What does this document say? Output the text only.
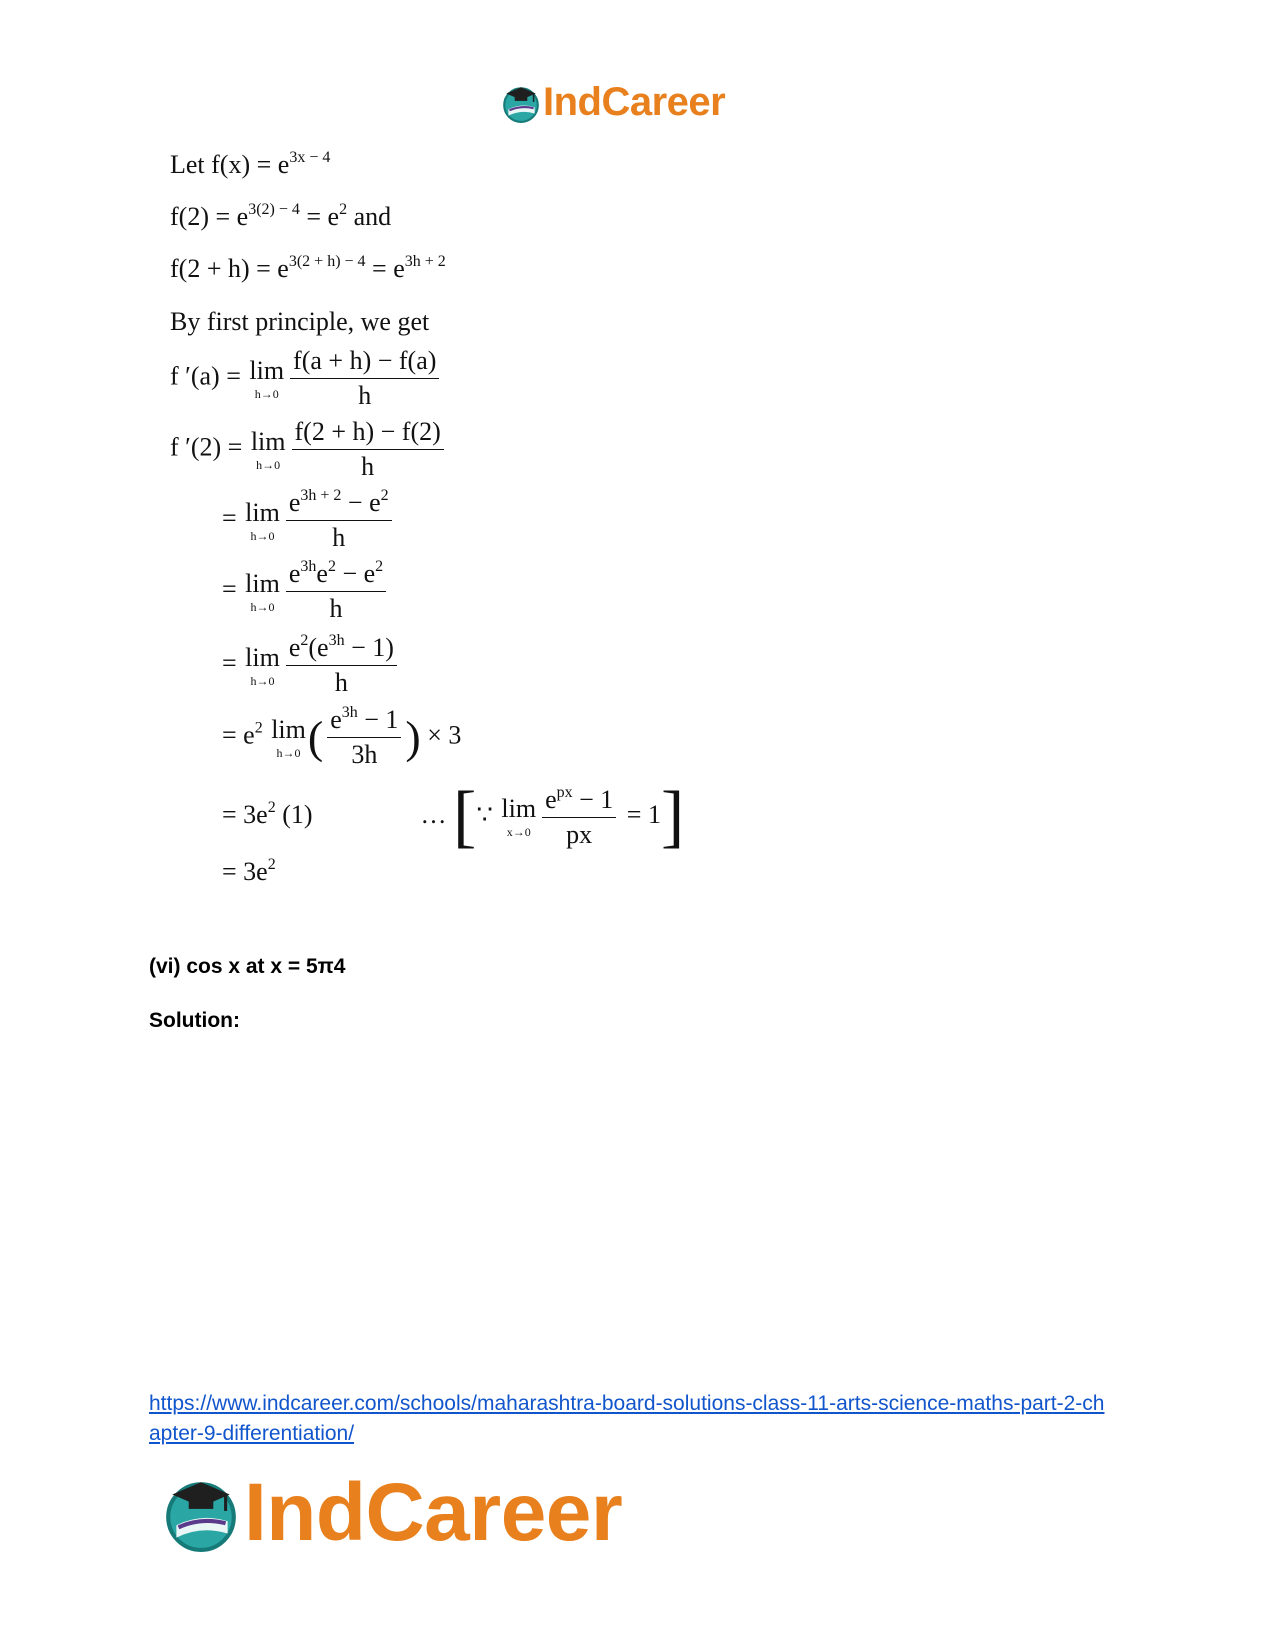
IndCareer
Let $f(x) = e^{3x - 4}$
$f(2) = e^{3(2) - 4} = e^2$ and
$f(2 + h) = e^{3(2 + h) - 4} = e^{3h + 2}$
By first principle, we get
f ′(a) = lim
$h\to 0 \frac{f(a + h) - f(a)}{h}$
f ′(2) = lim
$h\to 0 \frac{f(2 + h) - f(2)}{h}$
= lim
$h\to 0 \frac{e^{3h + 2} - e^2}{h}$
= lim
$h\to 0 \frac{e^{3h}e^2 - e^2}{h}$
= lim
$h\to 0 \frac{e^2(e^{3h} - 1)}{h}$
= $e^2$ lim
h→0 ( $\frac{e^{3h} - 1}{3h}$ ) × 3
= $3e^2$ (1)	… [∵ lim
$x\to 0 \frac{e^{px} - 1}{px} = 1$]
= $3e^2$
(vi) cos x at x = 5π4
Solution:
https://www.indcareer.com/schools/maharashtra-board-solutions-class-11-arts-science-maths-part-2-chapter-9-differentiation/
IndCareer
